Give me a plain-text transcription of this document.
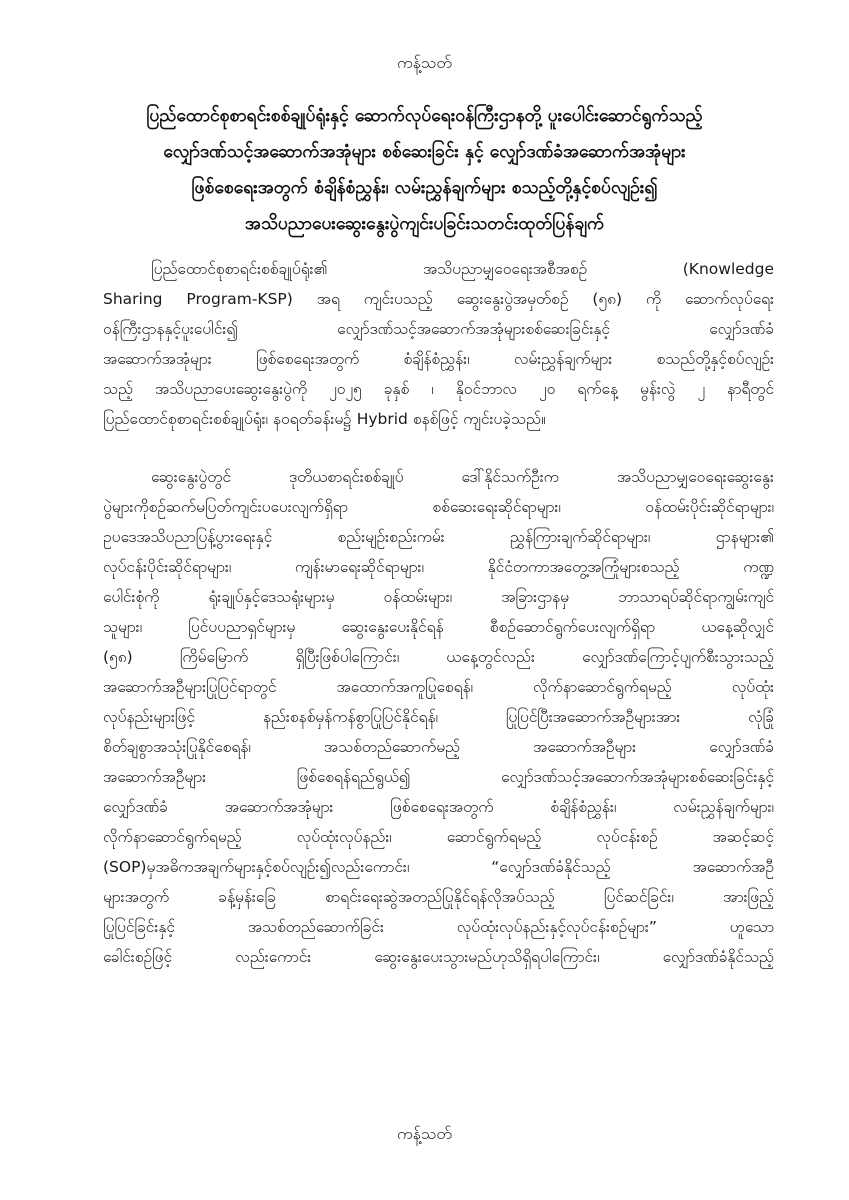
ကန့်သတ်
ပြည်ထောင်စုစာရင်းစစ်ချုပ်ရုံးနှင့် ဆောက်လုပ်ရေးဝန်ကြီးဌာနတို့ ပူးပေါင်းဆောင်ရွက်သည့်
လျှော်ဒဏ်သင့်အဆောက်အအုံများ စစ်ဆေးခြင်း နှင့် လျှော်ဒဏ်ခံအဆောက်အအုံများ
ဖြစ်စေရေးအတွက် စံချိန်စံညွှန်း၊ လမ်းညွှန်ချက်များ စသည့်တို့နှင့်စပ်လျဉ်း၍
အသိပညာပေးဆွေးနွေးပွဲကျင်းပခြင်းသတင်းထုတ်ပြန်ချက်
ပြည်ထောင်စုစာရင်းစစ်ချုပ်ရုံး၏ အသိပညာမျှဝေရေးအစီအစဉ် (Knowledge
Sharing Program-KSP) အရ ကျင်းပသည့် ဆွေးနွေးပွဲအမှတ်စဉ် (၅၈) ကို ဆောက်လုပ်ရေး
ဝန်ကြီးဌာနနှင့်ပူးပေါင်း၍ လျှော်ဒဏ်သင့်အဆောက်အအုံများစစ်ဆေးခြင်းနှင့် လျှော်ဒဏ်ခံ
အဆောက်အအုံများ ဖြစ်စေရေးအတွက် စံချိန်စံညွှန်း၊ လမ်းညွှန်ချက်များ စသည်တို့နှင့်စပ်လျဉ်း
သည့် အသိပညာပေးဆွေးနွေးပွဲကို ၂၀၂၅ ခုနှစ် ၊ နိုဝင်ဘာလ ၂၀ ရက်နေ့ မွန်းလွဲ ၂ နာရီတွင်
ပြည်ထောင်စုစာရင်းစစ်ချုပ်ရုံး၊ နဝရတ်ခန်းမ၌ Hybrid စနစ်ဖြင့် ကျင်းပခဲ့သည်။
ဆွေးနွေးပွဲတွင် ဒုတိယစာရင်းစစ်ချုပ် ဒေါ်နိုင်သက်ဦးက အသိပညာမျှဝေရေးဆွေးနွေး
ပွဲများကိုစဉ်ဆက်မပြတ်ကျင်းပပေးလျက်ရှိရာ စစ်ဆေးရေးဆိုင်ရာများ၊ ဝန်ထမ်းပိုင်းဆိုင်ရာများ၊
ဥပဒေအသိပညာပြန့်ပွားရေးနှင့် စည်းမျဉ်းစည်းကမ်း ညွှန်ကြားချက်ဆိုင်ရာများ၊ ဌာနများ၏
လုပ်ငန်းပိုင်းဆိုင်ရာများ၊ ကျန်းမာရေးဆိုင်ရာများ၊ နိုင်ငံတကာအတွေ့အကြုံများစသည့် ကဏ္ဍ
ပေါင်းစုံကို ရုံးချုပ်နှင့်ဒေသရုံးများမှ ဝန်ထမ်းများ၊ အခြားဌာနမှ ဘာသာရပ်ဆိုင်ရာကျွမ်းကျင်
သူများ၊ ပြင်ပပညာရှင်များမှ ဆွေးနွေးပေးနိုင်ရန် စီစဉ်ဆောင်ရွက်ပေးလျက်ရှိရာ ယနေ့ဆိုလျှင်
(၅၈) ကြိမ်မြောက် ရှိပြီးဖြစ်ပါကြောင်း၊ ယနေ့တွင်လည်း လျှော်ဒဏ်ကြောင့်ပျက်စီးသွားသည့်
အဆောက်အဦများပြုပြင်ရာတွင် အထောက်အကူပြုစေရန်၊ လိုက်နာဆောင်ရွက်ရမည့် လုပ်ထုံး
လုပ်နည်းများဖြင့် နည်းစနစ်မှန်ကန်စွာပြုပြင်နိုင်ရန်၊ ပြုပြင်ပြီးအဆောက်အဦများအား လုံခြုံ
စိတ်ချစွာအသုံးပြုနိုင်စေရန်၊ အသစ်တည်ဆောက်မည့် အဆောက်အဦများ လျှော်ဒဏ်ခံ
အဆောက်အဦများ ဖြစ်စေရန်ရည်ရွယ်၍ လျှော်ဒဏ်သင့်အဆောက်အအုံများစစ်ဆေးခြင်းနှင့်
လျှော်ဒဏ်ခံ အဆောက်အအုံများ ဖြစ်စေရေးအတွက် စံချိန်စံညွှန်း၊ လမ်းညွှန်ချက်များ၊
လိုက်နာဆောင်ရွက်ရမည့် လုပ်ထုံးလုပ်နည်း၊ ဆောင်ရွက်ရမည့် လုပ်ငန်းစဉ် အဆင့်ဆင့်
(SOP)မှအဓိကအချက်များနှင့်စပ်လျဉ်း၍လည်းကောင်း၊ “လျှော်ဒဏ်ခံနိုင်သည့် အဆောက်အဦ
များအတွက် ခန့်မှန်းခြေ စာရင်းရေးဆွဲအတည်ပြုနိုင်ရန်လိုအပ်သည့် ပြင်ဆင်ခြင်း၊ အားဖြည့်
ပြုပြင်ခြင်းနှင့် အသစ်တည်ဆောက်ခြင်း လုပ်ထုံးလုပ်နည်းနှင့်လုပ်ငန်းစဉ်များ” ဟူသော
ခေါင်းစဉ်ဖြင့် လည်းကောင်း ဆွေးနွေးပေးသွားမည်ဟုသိရှိရပါကြောင်း၊ လျှော်ဒဏ်ခံနိုင်သည့်
ကန့်သတ်
